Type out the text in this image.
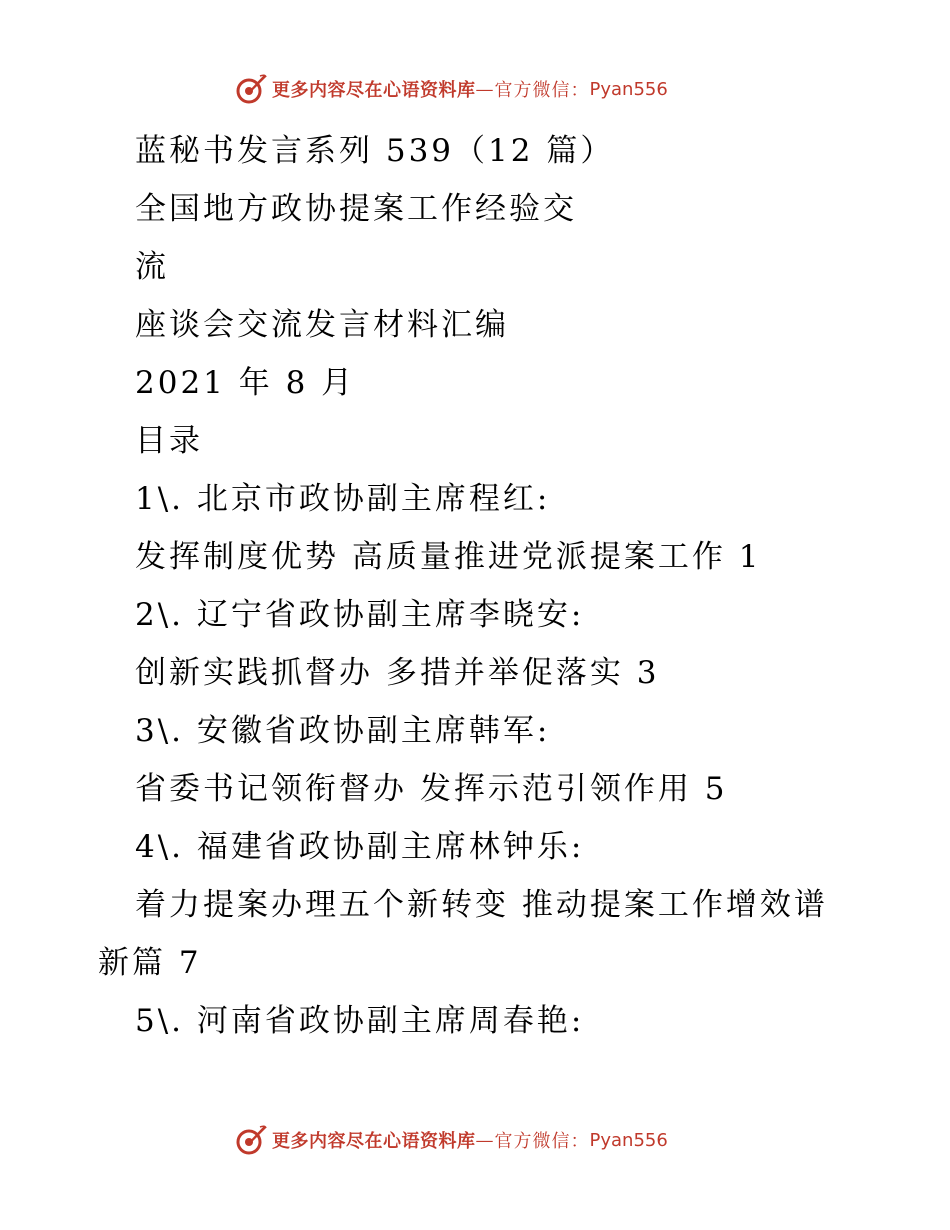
更多内容尽在心语资料库 — 官方微信： Pyan556
蓝秘书发言系列 539（12 篇）
全国地方政协提案工作经验交
流
座谈会交流发言材料汇编
2021 年 8 月
目录
1\. 北京市政协副主席程红:
发挥制度优势 高质量推进党派提案工作 1
2\. 辽宁省政协副主席李晓安:
创新实践抓督办 多措并举促落实 3
3\. 安徽省政协副主席韩军:
省委书记领衔督办 发挥示范引领作用 5
4\. 福建省政协副主席林钟乐:
着力提案办理五个新转变 推动提案工作增效谱
新篇 7
5\. 河南省政协副主席周春艳:
更多内容尽在心语资料库 — 官方微信： Pyan556
